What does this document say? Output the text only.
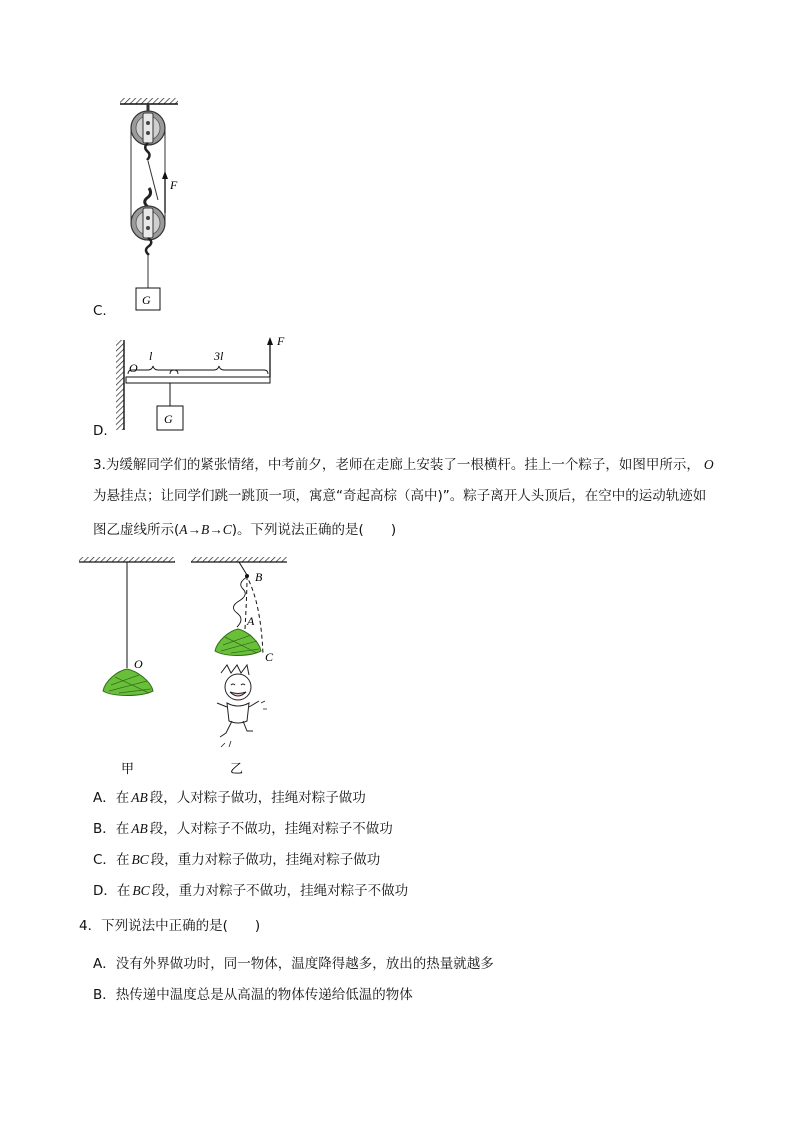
F
G
C.
O
l	3l
F
G
D.
3.为缓解同学们的紧张情绪，中考前夕，老师在走廊上安装了一根横杆。挂上一个粽子，如图甲所示， O
为悬挂点；让同学们跳一跳顶一项，寓意“奇起高棕（高中)”。粽子离开人头顶后，在空中的运动轨迹如
图乙虚线所示(A→B→C)。下列说法正确的是(　　)
O
B
A
C
甲	乙
A．在 AB 段，人对粽子做功，挂绳对粽子做功
B．在 AB 段，人对粽子不做功，挂绳对粽子不做功
C．在 BC 段，重力对粽子做功，挂绳对粽子做功
D．在 BC 段，重力对粽子不做功，挂绳对粽子不做功
4．下列说法中正确的是(　　)
A．没有外界做功时，同一物体，温度降得越多，放出的热量就越多
B．热传递中温度总是从高温的物体传递给低温的物体
